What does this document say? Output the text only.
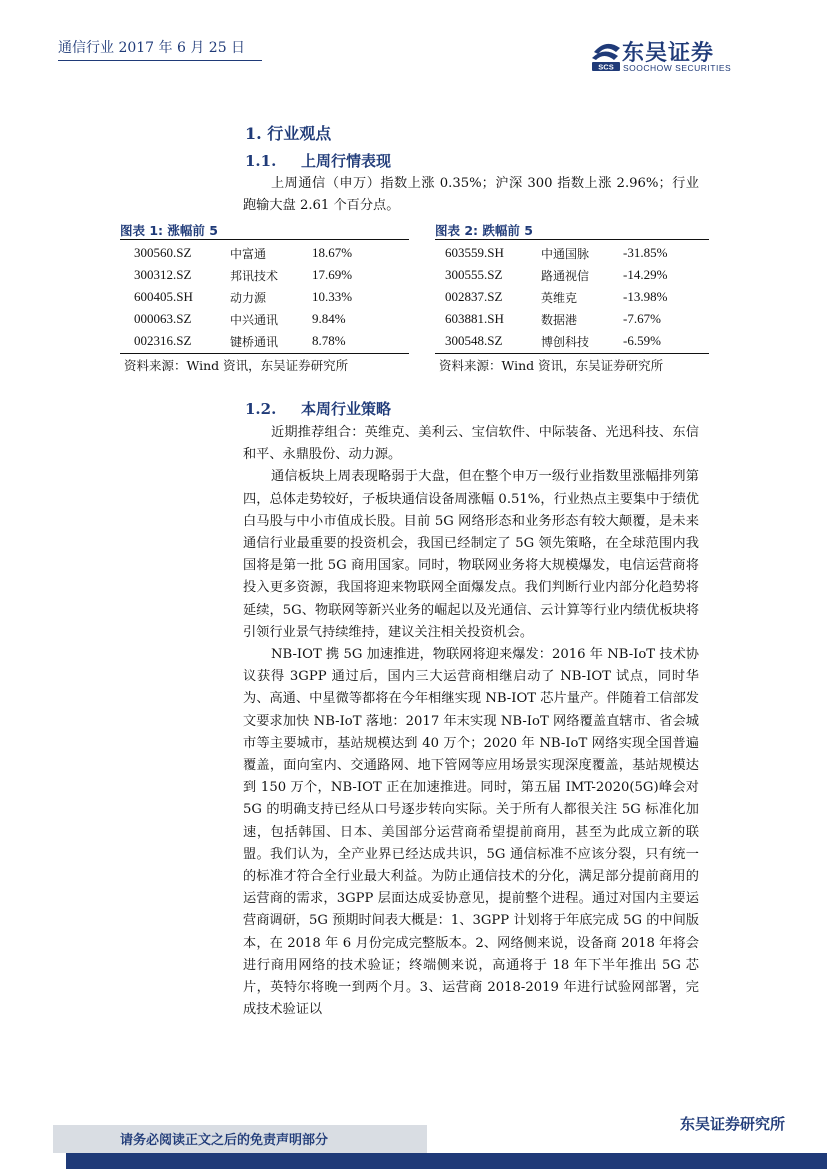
通信行业 2017 年 6 月 25 日
SCS
东吴证券
SOOCHOW SECURITIES
1. 行业观点
1.1. 上周行情表现

上周通信（申万）指数上涨 0.35%；沪深 300 指数上涨 2.96%；行业跑输大盘 2.61 个百分点。

图表 1: 涨幅前 5
300560.SZ	中富通	18.67%
300312.SZ	邦讯技术	17.69%
600405.SH	动力源	10.33%
000063.SZ	中兴通讯	9.84%
002316.SZ	键桥通讯	8.78%
资料来源：Wind 资讯，东吴证券研究所
图表 2: 跌幅前 5
603559.SH	中通国脉	-31.85%
300555.SZ	路通视信	-14.29%
002837.SZ	英维克	-13.98%
603881.SH	数据港	-7.67%
300548.SZ	博创科技	-6.59%
资料来源：Wind 资讯，东吴证券研究所
1.2. 本周行业策略

近期推荐组合：英维克、美利云、宝信软件、中际装备、光迅科技、东信和平、永鼎股份、动力源。

通信板块上周表现略弱于大盘，但在整个申万一级行业指数里涨幅排列第四，总体走势较好，子板块通信设备周涨幅 0.51%，行业热点主要集中于绩优白马股与中小市值成长股。目前 5G 网络形态和业务形态有较大颠覆，是未来通信行业最重要的投资机会，我国已经制定了 5G 领先策略，在全球范围内我国将是第一批 5G 商用国家。同时，物联网业务将大规模爆发，电信运营商将投入更多资源，我国将迎来物联网全面爆发点。我们判断行业内部分化趋势将延续，5G、物联网等新兴业务的崛起以及光通信、云计算等行业内绩优板块将引领行业景气持续维持，建议关注相关投资机会。

NB-IOT 携 5G 加速推进，物联网将迎来爆发：2016 年 NB-IoT 技术协议获得 3GPP 通过后，国内三大运营商相继启动了 NB-IOT 试点，同时华为、高通、中星微等都将在今年相继实现 NB-IOT 芯片量产。伴随着工信部发文要求加快 NB-IoT 落地：2017 年末实现 NB-IoT 网络覆盖直辖市、省会城市等主要城市，基站规模达到 40 万个；2020 年 NB-IoT 网络实现全国普遍覆盖，面向室内、交通路网、地下管网等应用场景实现深度覆盖，基站规模达到 150 万个，NB-IOT 正在加速推进。同时，第五届 IMT-2020(5G)峰会对 5G 的明确支持已经从口号逐步转向实际。关于所有人都很关注 5G 标准化加速，包括韩国、日本、美国部分运营商希望提前商用，甚至为此成立新的联盟。我们认为，全产业界已经达成共识，5G 通信标准不应该分裂，只有统一的标准才符合全行业最大利益。为防止通信技术的分化，满足部分提前商用的运营商的需求，3GPP 层面达成妥协意见，提前整个进程。通过对国内主要运营商调研，5G 预期时间表大概是：1、3GPP 计划将于年底完成 5G 的中间版本，在 2018 年 6 月份完成完整版本。2、网络侧来说，设备商 2018 年将会进行商用网络的技术验证；终端侧来说，高通将于 18 年下半年推出 5G 芯片，英特尔将晚一到两个月。3、运营商 2018-2019 年进行试验网部署，完成技术验证以

请务必阅读正文之后的免责声明部分
东吴证券研究所
